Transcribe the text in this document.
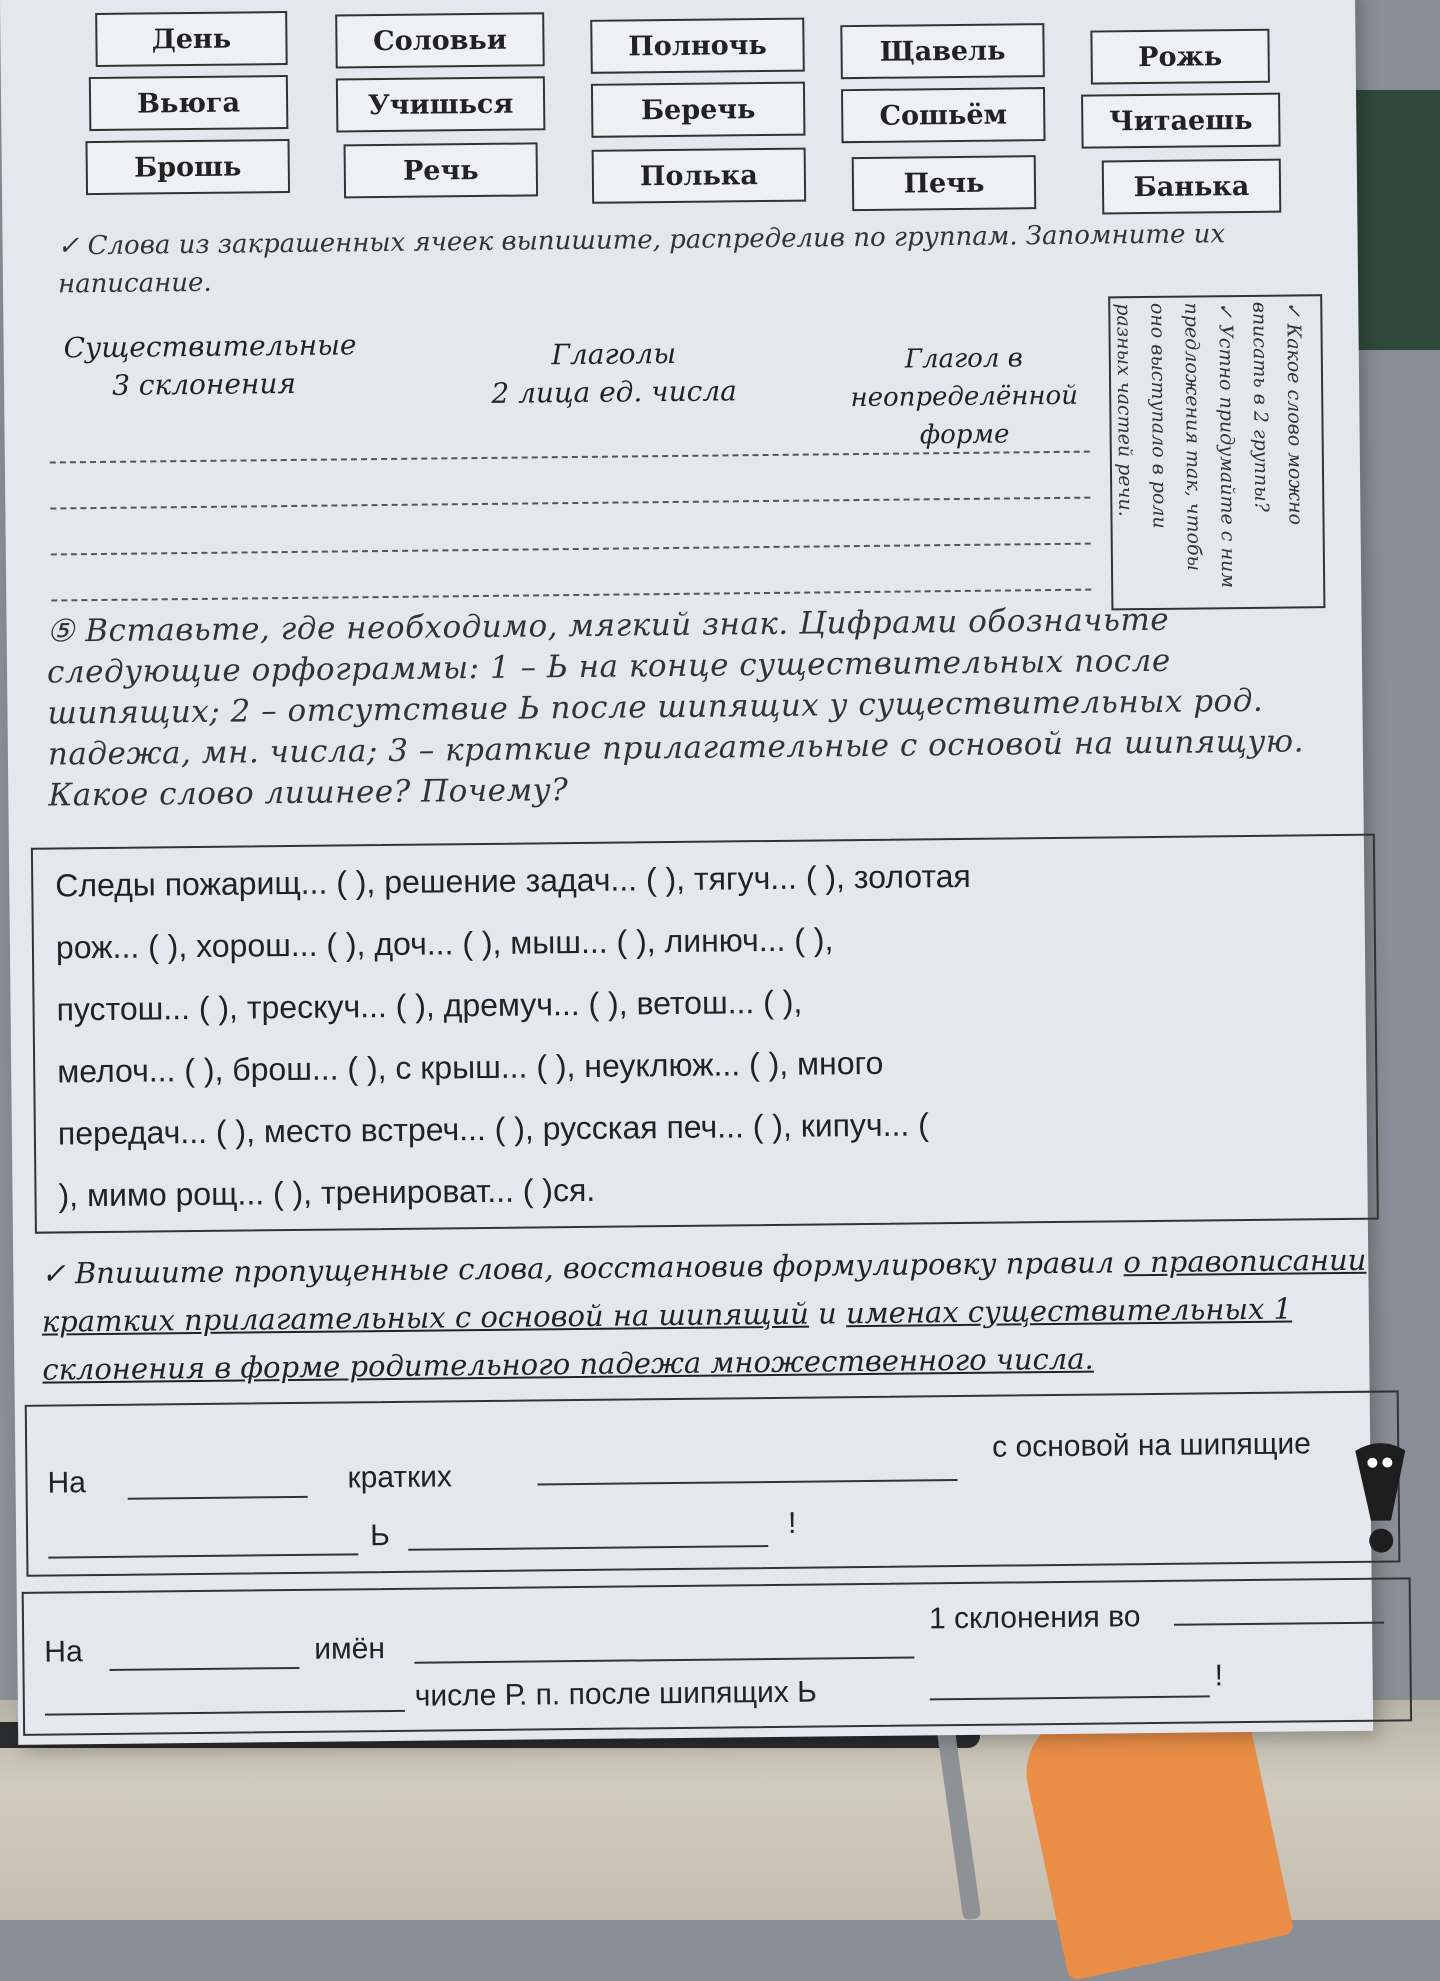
День	Соловьи	Полночь	Щавель	Рожь
Вьюга	Учишься	Беречь	Сошьём	Читаешь
Брошь	Речь	Полька	Печь	Банька
✓ Слова из закрашенных ячеек выпишите, распределив по группам. Запомните их написание.
Существительные
3 склонения
Глаголы
2 лица ед. числа
Глагол в
неопределённой форме	✓ Какое слово можно вписать в 2 группы?
✓ Устно придумайте с ним предложения так, чтобы оно выступало в роли разных частей речи.
⑤ Вставьте, где необходимо, мягкий знак. Цифрами обозначьте следующие орфограммы: 1 – Ь на конце существительных после шипящих; 2 – отсутствие Ь после шипящих у существительных род. падежа, мн. числа; 3 – краткие прилагательные с основой на шипящую. Какое слово лишнее? Почему?

Следы пожарищ... ( ), решение задач... ( ), тягуч... ( ), золотая

рож... ( ), хорош... ( ), доч... ( ), мыш... ( ), линюч... ( ),

пустош... ( ), трескуч... ( ), дремуч... ( ), ветош... ( ),

мелоч... ( ), брош... ( ), с крыш... ( ), неуклюж... ( ), много

передач... ( ), место встреч... ( ), русская печ... ( ), кипуч... (

), мимо рощ... ( ), тренироват... ( )ся.

✓ Впишите пропущенные слова, восстановив формулировку правил о правописании кратких прилагательных с основой на шипящий и именах существительных 1 склонения в форме родительного падежа множественного числа.
На	кратких
с основой на шипящие
Ь	!
На	имён
1 склонения во
числе Р. п. после шипящих Ь	!
